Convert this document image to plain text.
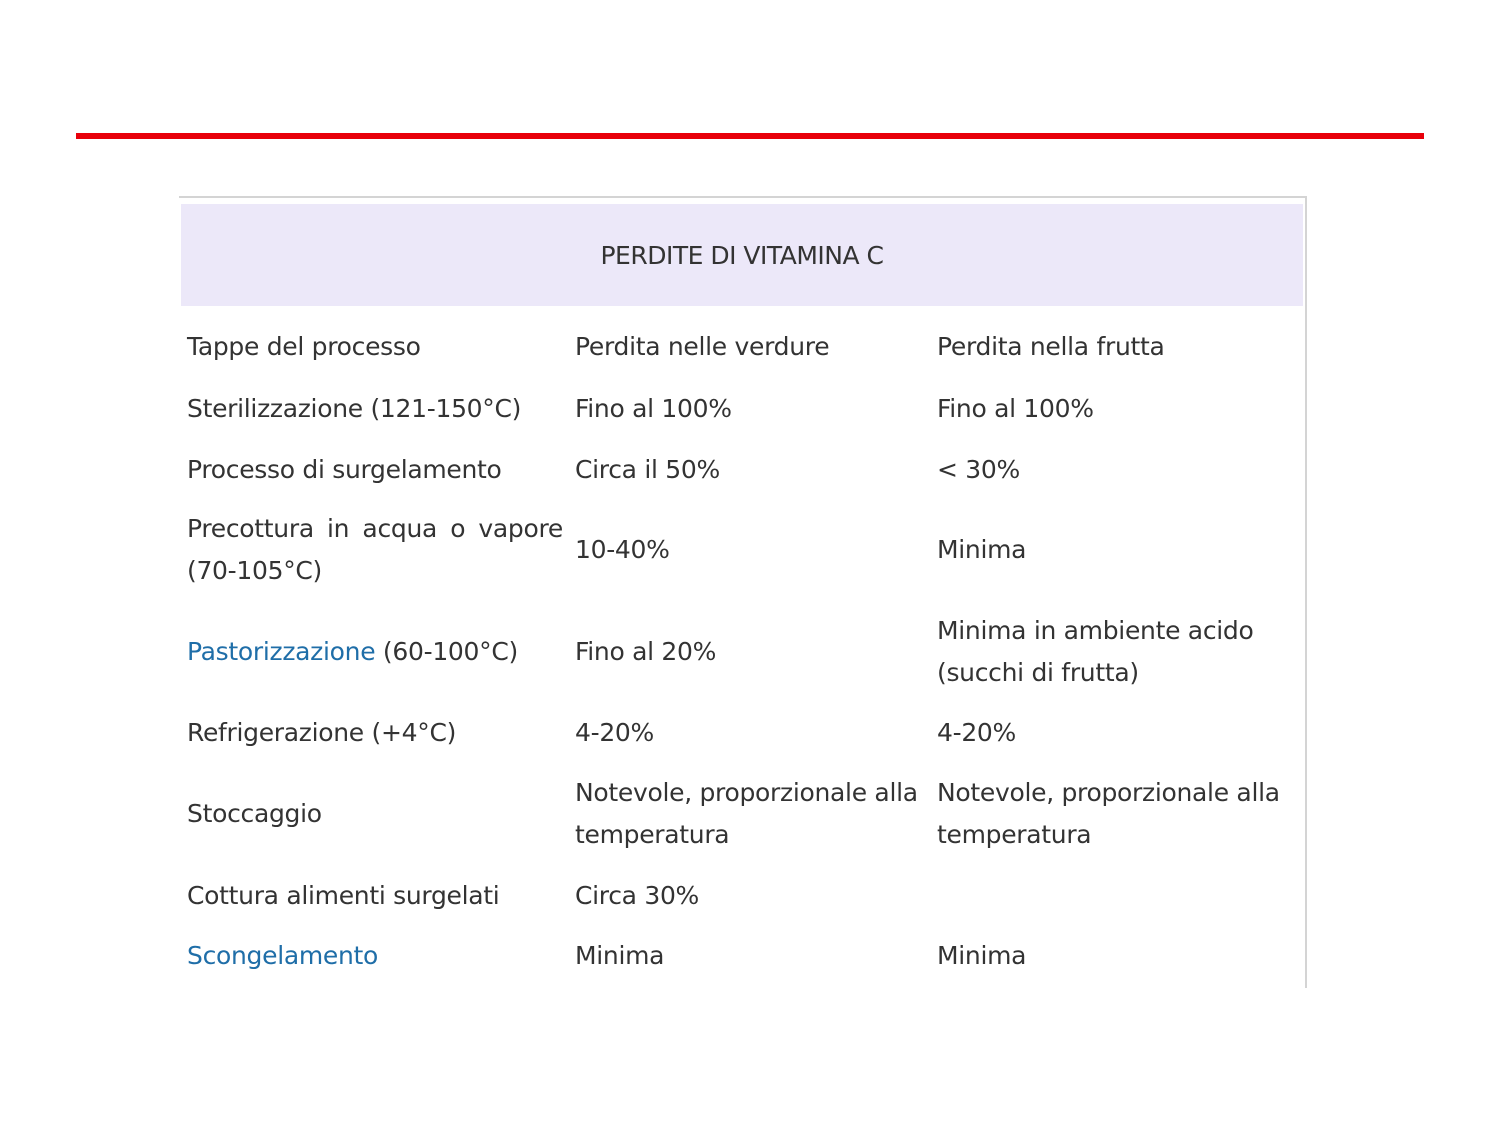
PERDITE DI VITAMINA C
Tappe del processo	Perdita nelle verdure	Perdita nella frutta
Sterilizzazione (121-150°C)	Fino al 100%	Fino al 100%
Processo di surgelamento	Circa il 50%	< 30%
Precottura in acqua o vapore (70-105°C)	10-40%	Minima
Pastorizzazione (60-100°C)	Fino al 20%	Minima in ambiente acido (succhi di frutta)
Refrigerazione (+4°C)	4-20%	4-20%
Stoccaggio	Notevole, proporzionale alla temperatura	Notevole, proporzionale alla temperatura
Cottura alimenti surgelati	Circa 30%	
Scongelamento	Minima	Minima
